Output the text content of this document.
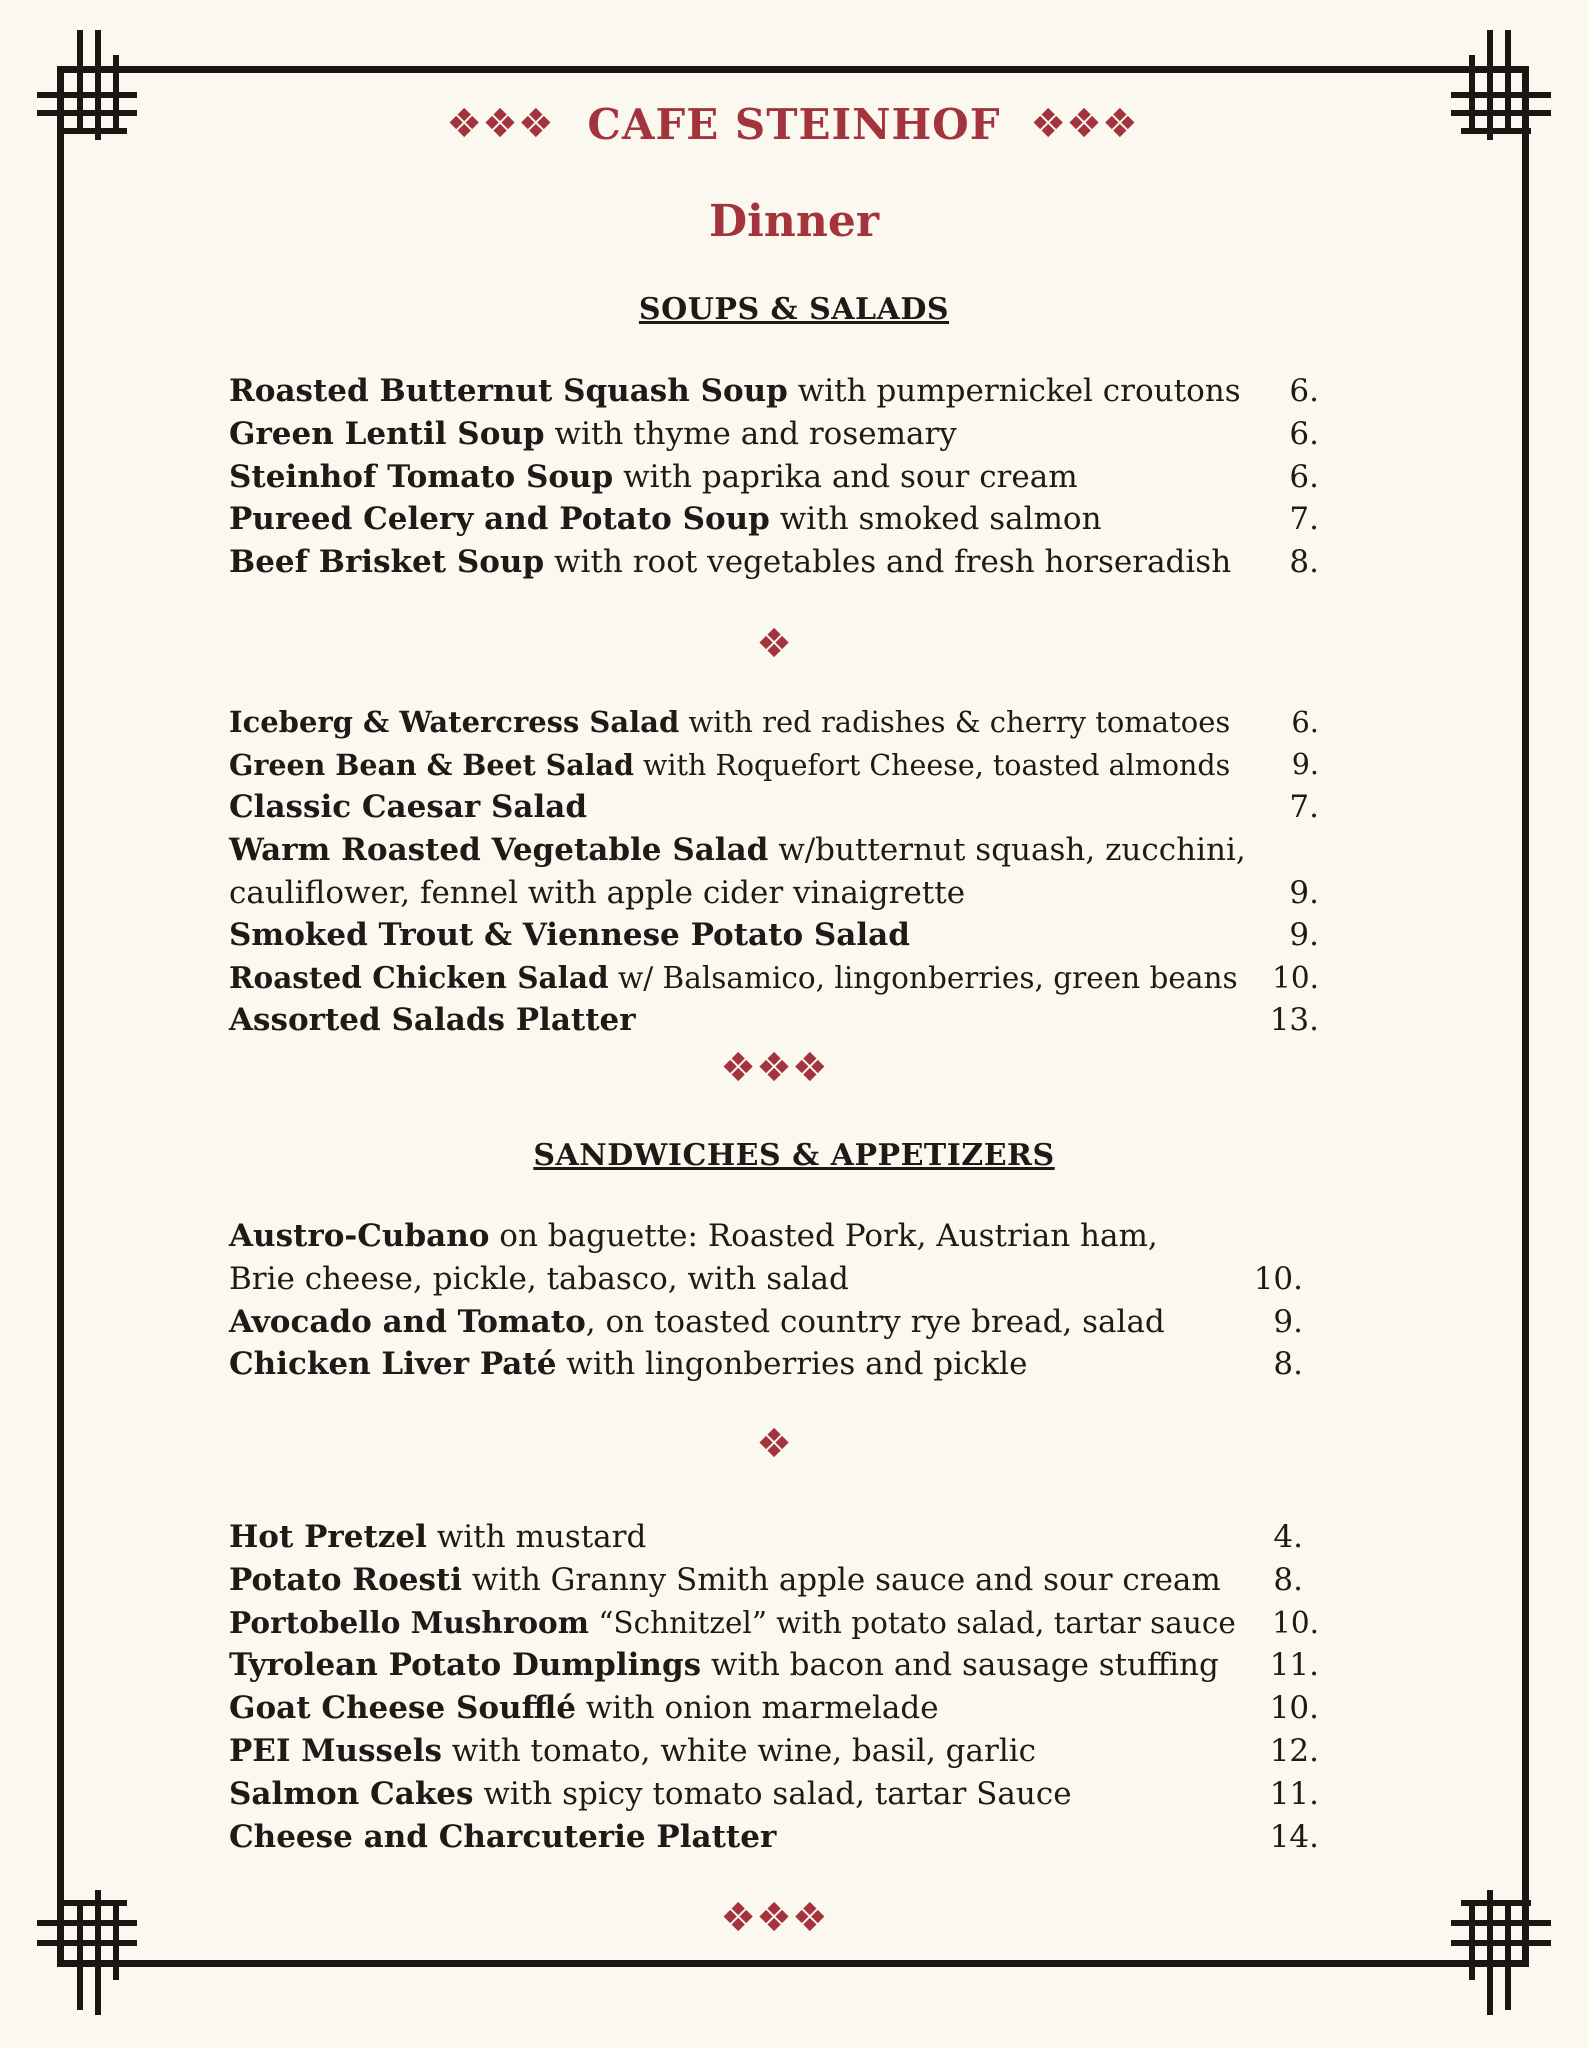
❖❖❖ CAFE STEINHOF ❖❖❖
Dinner
SOUPS & SALADS
Roasted Butternut Squash Soup with pumpernickel croutons	6.
Green Lentil Soup with thyme and rosemary	6.
Steinhof Tomato Soup with paprika and sour cream	6.
Pureed Celery and Potato Soup with smoked salmon	7.
Beef Brisket Soup with root vegetables and fresh horseradish	8.
❖
Iceberg & Watercress Salad with red radishes & cherry tomatoes	6.
Green Bean & Beet Salad with Roquefort Cheese, toasted almonds	9.
Classic Caesar Salad	7.
Warm Roasted Vegetable Salad w/butternut squash, zucchini,
cauliflower, fennel with apple cider vinaigrette	9.
Smoked Trout & Viennese Potato Salad	9.
Roasted Chicken Salad w/ Balsamico, lingonberries, green beans	10.
Assorted Salads Platter	13.
❖❖❖
SANDWICHES & APPETIZERS
Austro-Cubano on baguette: Roasted Pork, Austrian ham,
Brie cheese, pickle, tabasco, with salad	10.
Avocado and Tomato, on toasted country rye bread, salad	9.
Chicken Liver Paté with lingonberries and pickle	8.
❖
Hot Pretzel with mustard	4.
Potato Roesti with Granny Smith apple sauce and sour cream	8.
Portobello Mushroom “Schnitzel” with potato salad, tartar sauce	10.
Tyrolean Potato Dumplings with bacon and sausage stuffing	11.
Goat Cheese Soufflé with onion marmelade	10.
PEI Mussels with tomato, white wine, basil, garlic	12.
Salmon Cakes with spicy tomato salad, tartar Sauce	11.
Cheese and Charcuterie Platter	14.
❖❖❖
